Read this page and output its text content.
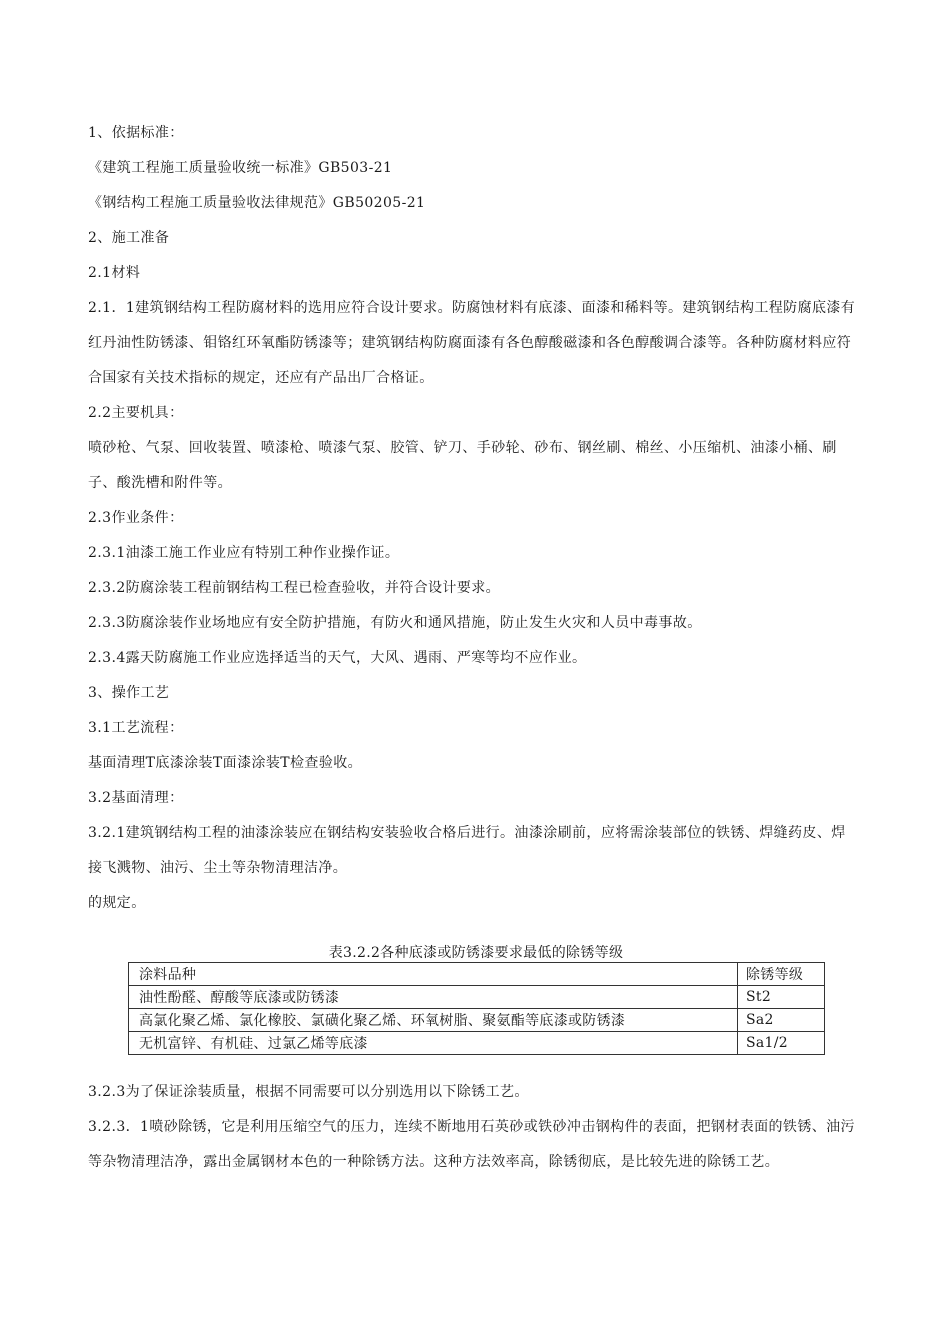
1、依据标准：

《建筑工程施工质量验收统一标准》GB503-21

《钢结构工程施工质量验收法律规范》GB50205-21

2、施工准备

2.1材料

2.1．1建筑钢结构工程防腐材料的选用应符合设计要求。防腐蚀材料有底漆、面漆和稀料等。建筑钢结构工程防腐底漆有红丹油性防锈漆、钼铬红环氧酯防锈漆等；建筑钢结构防腐面漆有各色醇酸磁漆和各色醇酸调合漆等。各种防腐材料应符合国家有关技术指标的规定，还应有产品出厂合格证。

2.2主要机具：

喷砂枪、气泵、回收装置、喷漆枪、喷漆气泵、胶管、铲刀、手砂轮、砂布、钢丝刷、棉丝、小压缩机、油漆小桶、刷子、酸洗槽和附件等。

2.3作业条件：

2.3.1油漆工施工作业应有特别工种作业操作证。

2.3.2防腐涂装工程前钢结构工程已检查验收，并符合设计要求。

2.3.3防腐涂装作业场地应有安全防护措施，有防火和通风措施，防止发生火灾和人员中毒事故。

2.3.4露天防腐施工作业应选择适当的天气，大风、遇雨、严寒等均不应作业。

3、操作工艺

3.1工艺流程：

基面清理T底漆涂装T面漆涂装T检查验收。

3.2基面清理：

3.2.1建筑钢结构工程的油漆涂装应在钢结构安装验收合格后进行。油漆涂刷前，应将需涂装部位的铁锈、焊缝药皮、焊接飞溅物、油污、尘土等杂物清理洁净。

的规定。

表3.2.2各种底漆或防锈漆要求最低的除锈等级
涂料品种	除锈等级
油性酚醛、醇酸等底漆或防锈漆	St2
高氯化聚乙烯、氯化橡胶、氯磺化聚乙烯、环氧树脂、聚氨酯等底漆或防锈漆	Sa2
无机富锌、有机硅、过氯乙烯等底漆	Sa1/2

3.2.3为了保证涂装质量，根据不同需要可以分别选用以下除锈工艺。

3.2.3．1喷砂除锈，它是利用压缩空气的压力，连续不断地用石英砂或铁砂冲击钢构件的表面，把钢材表面的铁锈、油污等杂物清理洁净，露出金属钢材本色的一种除锈方法。这种方法效率高，除锈彻底，是比较先进的除锈工艺。
